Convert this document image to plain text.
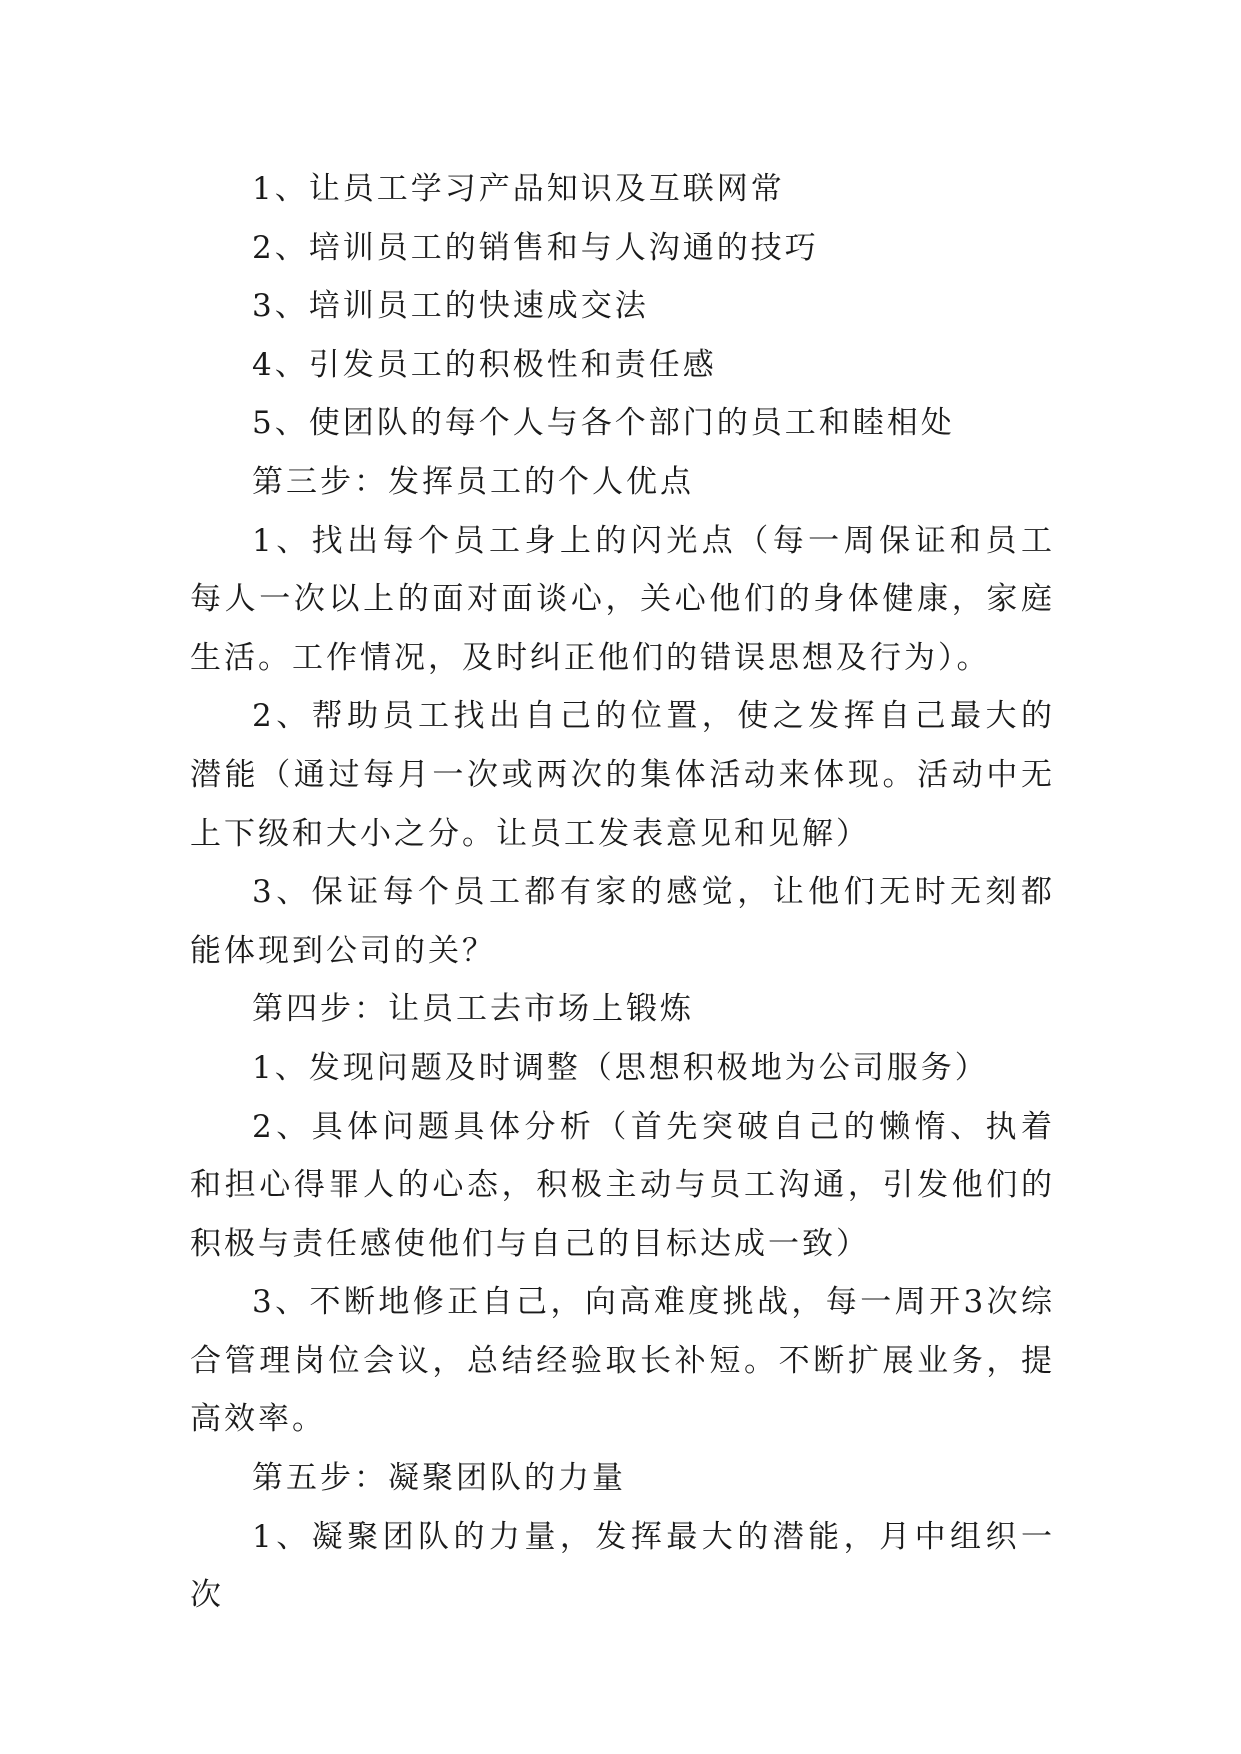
1、让员工学习产品知识及互联网常

2、培训员工的销售和与人沟通的技巧

3、培训员工的快速成交法

4、引发员工的积极性和责任感

5、使团队的每个人与各个部门的员工和睦相处

第三步：发挥员工的个人优点

1、找出每个员工身上的闪光点（每一周保证和员工每人一次以上的面对面谈心，关心他们的身体健康，家庭生活。工作情况，及时纠正他们的错误思想及行为）。

2、帮助员工找出自己的位置，使之发挥自己最大的潜能（通过每月一次或两次的集体活动来体现。活动中无上下级和大小之分。让员工发表意见和见解）

3、保证每个员工都有家的感觉，让他们无时无刻都能体现到公司的关？

第四步：让员工去市场上锻炼

1、发现问题及时调整（思想积极地为公司服务）

2、具体问题具体分析（首先突破自己的懒惰、执着和担心得罪人的心态，积极主动与员工沟通，引发他们的积极与责任感使他们与自己的目标达成一致）

3、不断地修正自己，向高难度挑战，每一周开3次综合管理岗位会议，总结经验取长补短。不断扩展业务，提高效率。

第五步：凝聚团队的力量

1、凝聚团队的力量，发挥最大的潜能，月中组织一次
